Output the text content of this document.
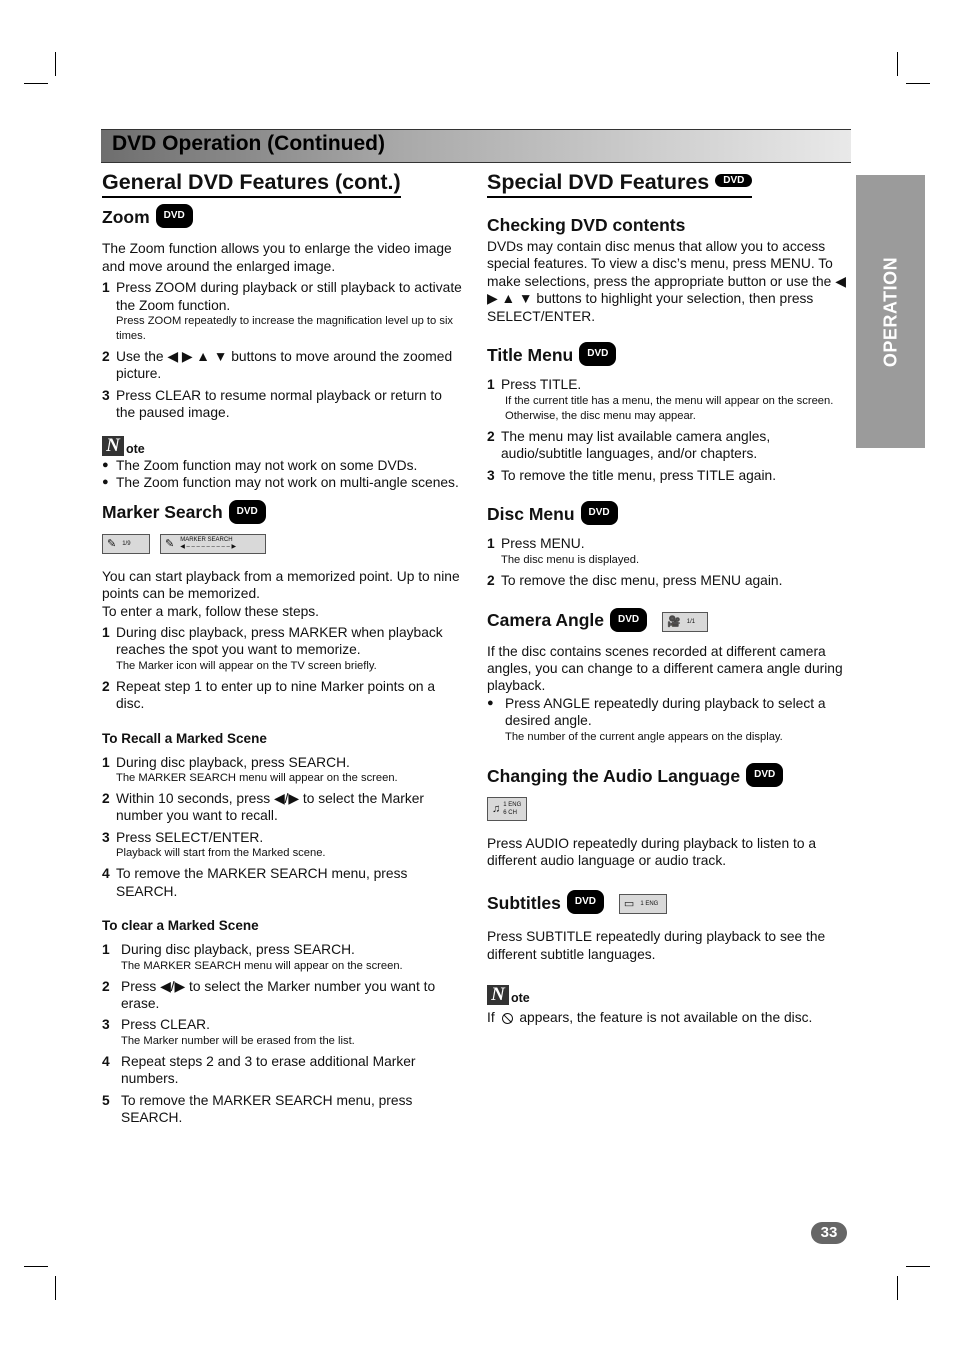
DVD Operation (Continued)
OPERATION
General DVD Features (cont.)
Zoom DVD

The Zoom function allows you to enlarge the video image and move around the enlarged image.

1 Press ZOOM during playback or still playback to activate the Zoom function.
Press ZOOM repeatedly to increase the magnification level up to six times.
2 Use the ◀ ▶ ▲ ▼ buttons to move around the zoomed picture.
3 Press CLEAR to resume normal playback or return to the paused image.
N ote
● The Zoom function may not work on some DVDs.
● The Zoom function may not work on multi-angle scenes.
Marker Search DVD
✎ 1/9	✎ MARKER SEARCH
◀ – – – – – – – – – ▶

You can start playback from a memorized point. Up to nine points can be memorized.

To enter a mark, follow these steps.

1 During disc playback, press MARKER when playback reaches the spot you want to memorize.
The Marker icon will appear on the TV screen briefly.
2 Repeat step 1 to enter up to nine Marker points on a disc.
To Recall a Marked Scene
1 During disc playback, press SEARCH.
The MARKER SEARCH menu will appear on the screen.
2 Within 10 seconds, press ◀/▶ to select the Marker number you want to recall.
3 Press SELECT/ENTER.
Playback will start from the Marked scene.
4 To remove the MARKER SEARCH menu, press SEARCH.
To clear a Marked Scene
1 During disc playback, press SEARCH.
The MARKER SEARCH menu will appear on the screen.
2 Press ◀/▶ to select the Marker number you want to erase.
3 Press CLEAR.
The Marker number will be erased from the list.
4 Repeat steps 2 and 3 to erase additional Marker numbers.
5 To remove the MARKER SEARCH menu, press SEARCH.
Special DVD Features DVD
Checking DVD contents

DVDs may contain disc menus that allow you to access special features. To view a disc’s menu, press MENU. To make selections, press the appropriate button or use the ◀ ▶ ▲ ▼ buttons to highlight your selection, then press SELECT/ENTER.

Title Menu DVD
1 Press TITLE.
If the current title has a menu, the menu will appear on the screen. Otherwise, the disc menu may appear.
2 The menu may list available camera angles, audio/subtitle languages, and/or chapters.
3 To remove the title menu, press TITLE again.
Disc Menu DVD
1 Press MENU.
The disc menu is displayed.
2 To remove the disc menu, press MENU again.
Camera Angle DVD	🎥 1/1

If the disc contains scenes recorded at different camera angles, you can change to a different camera angle during playback.

● Press ANGLE repeatedly during playback to select a desired angle.
The number of the current angle appears on the display.
Changing the Audio Language DVD
♫ 1 ENG
6 CH

Press AUDIO repeatedly during playback to listen to a different audio language or audio track.

Subtitles DVD	▭ 1 ENG

Press SUBTITLE repeatedly during playback to see the different subtitle languages.

N ote

If appears, the feature is not available on the disc.

33
